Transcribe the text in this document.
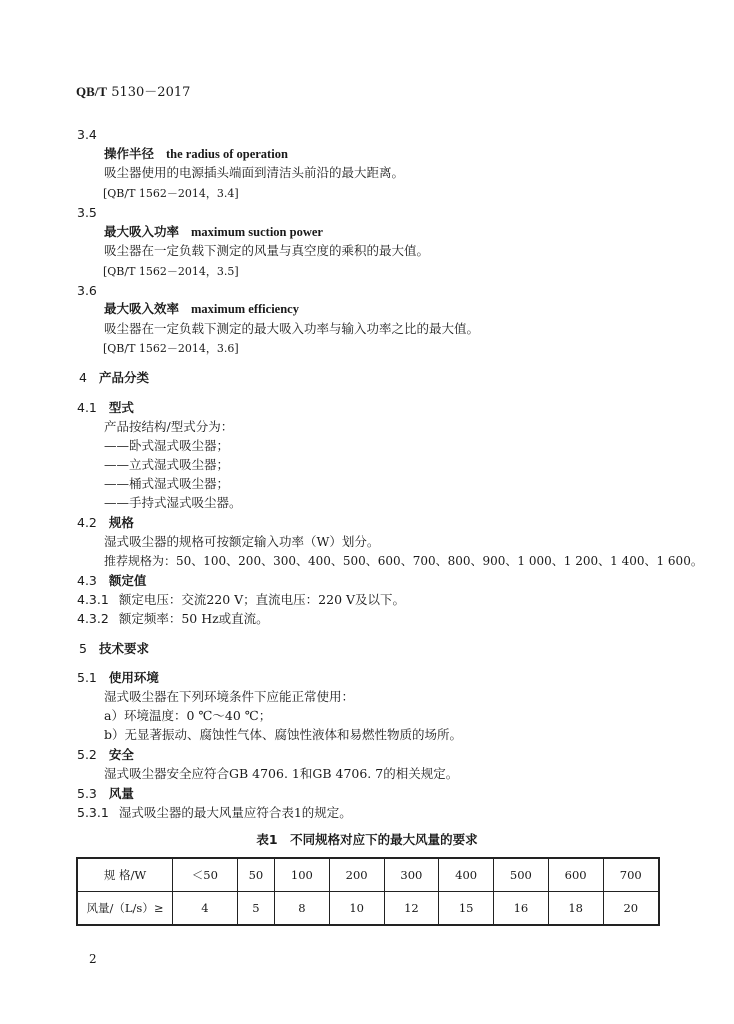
QB/T 5130－2017
3.4
操作半径 the radius of operation
吸尘器使用的电源插头端面到清洁头前沿的最大距离。
[QB/T 1562－2014，3.4]
3.5
最大吸入功率 maximum suction power
吸尘器在一定负载下测定的风量与真空度的乘积的最大值。
[QB/T 1562－2014，3.5]
3.6
最大吸入效率 maximum efficiency
吸尘器在一定负载下测定的最大吸入功率与输入功率之比的最大值。
[QB/T 1562－2014，3.6]
4 产品分类
4.1 型式
产品按结构/型式分为：
——卧式湿式吸尘器；
——立式湿式吸尘器；
——桶式湿式吸尘器；
——手持式湿式吸尘器。
4.2 规格
湿式吸尘器的规格可按额定输入功率（W）划分。
推荐规格为：50、100、200、300、400、500、600、700、800、900、1 000、1 200、1 400、1 600。
4.3 额定值
4.3.1 额定电压：交流220 V；直流电压：220 V及以下。
4.3.2 额定频率：50 Hz或直流。
5 技术要求
5.1 使用环境
湿式吸尘器在下列环境条件下应能正常使用：
a）环境温度：0 ℃～40 ℃；
b）无显著振动、腐蚀性气体、腐蚀性液体和易燃性物质的场所。
5.2 安全
湿式吸尘器安全应符合GB 4706. 1和GB 4706. 7的相关规定。
5.3 风量
5.3.1 湿式吸尘器的最大风量应符合表1的规定。
表1　不同规格对应下的最大风量的要求
规 格/W	＜50	50	100	200	300	400	500	600	700
风量/（L/s）≥	4	5	8	10	12	15	16	18	20
2
